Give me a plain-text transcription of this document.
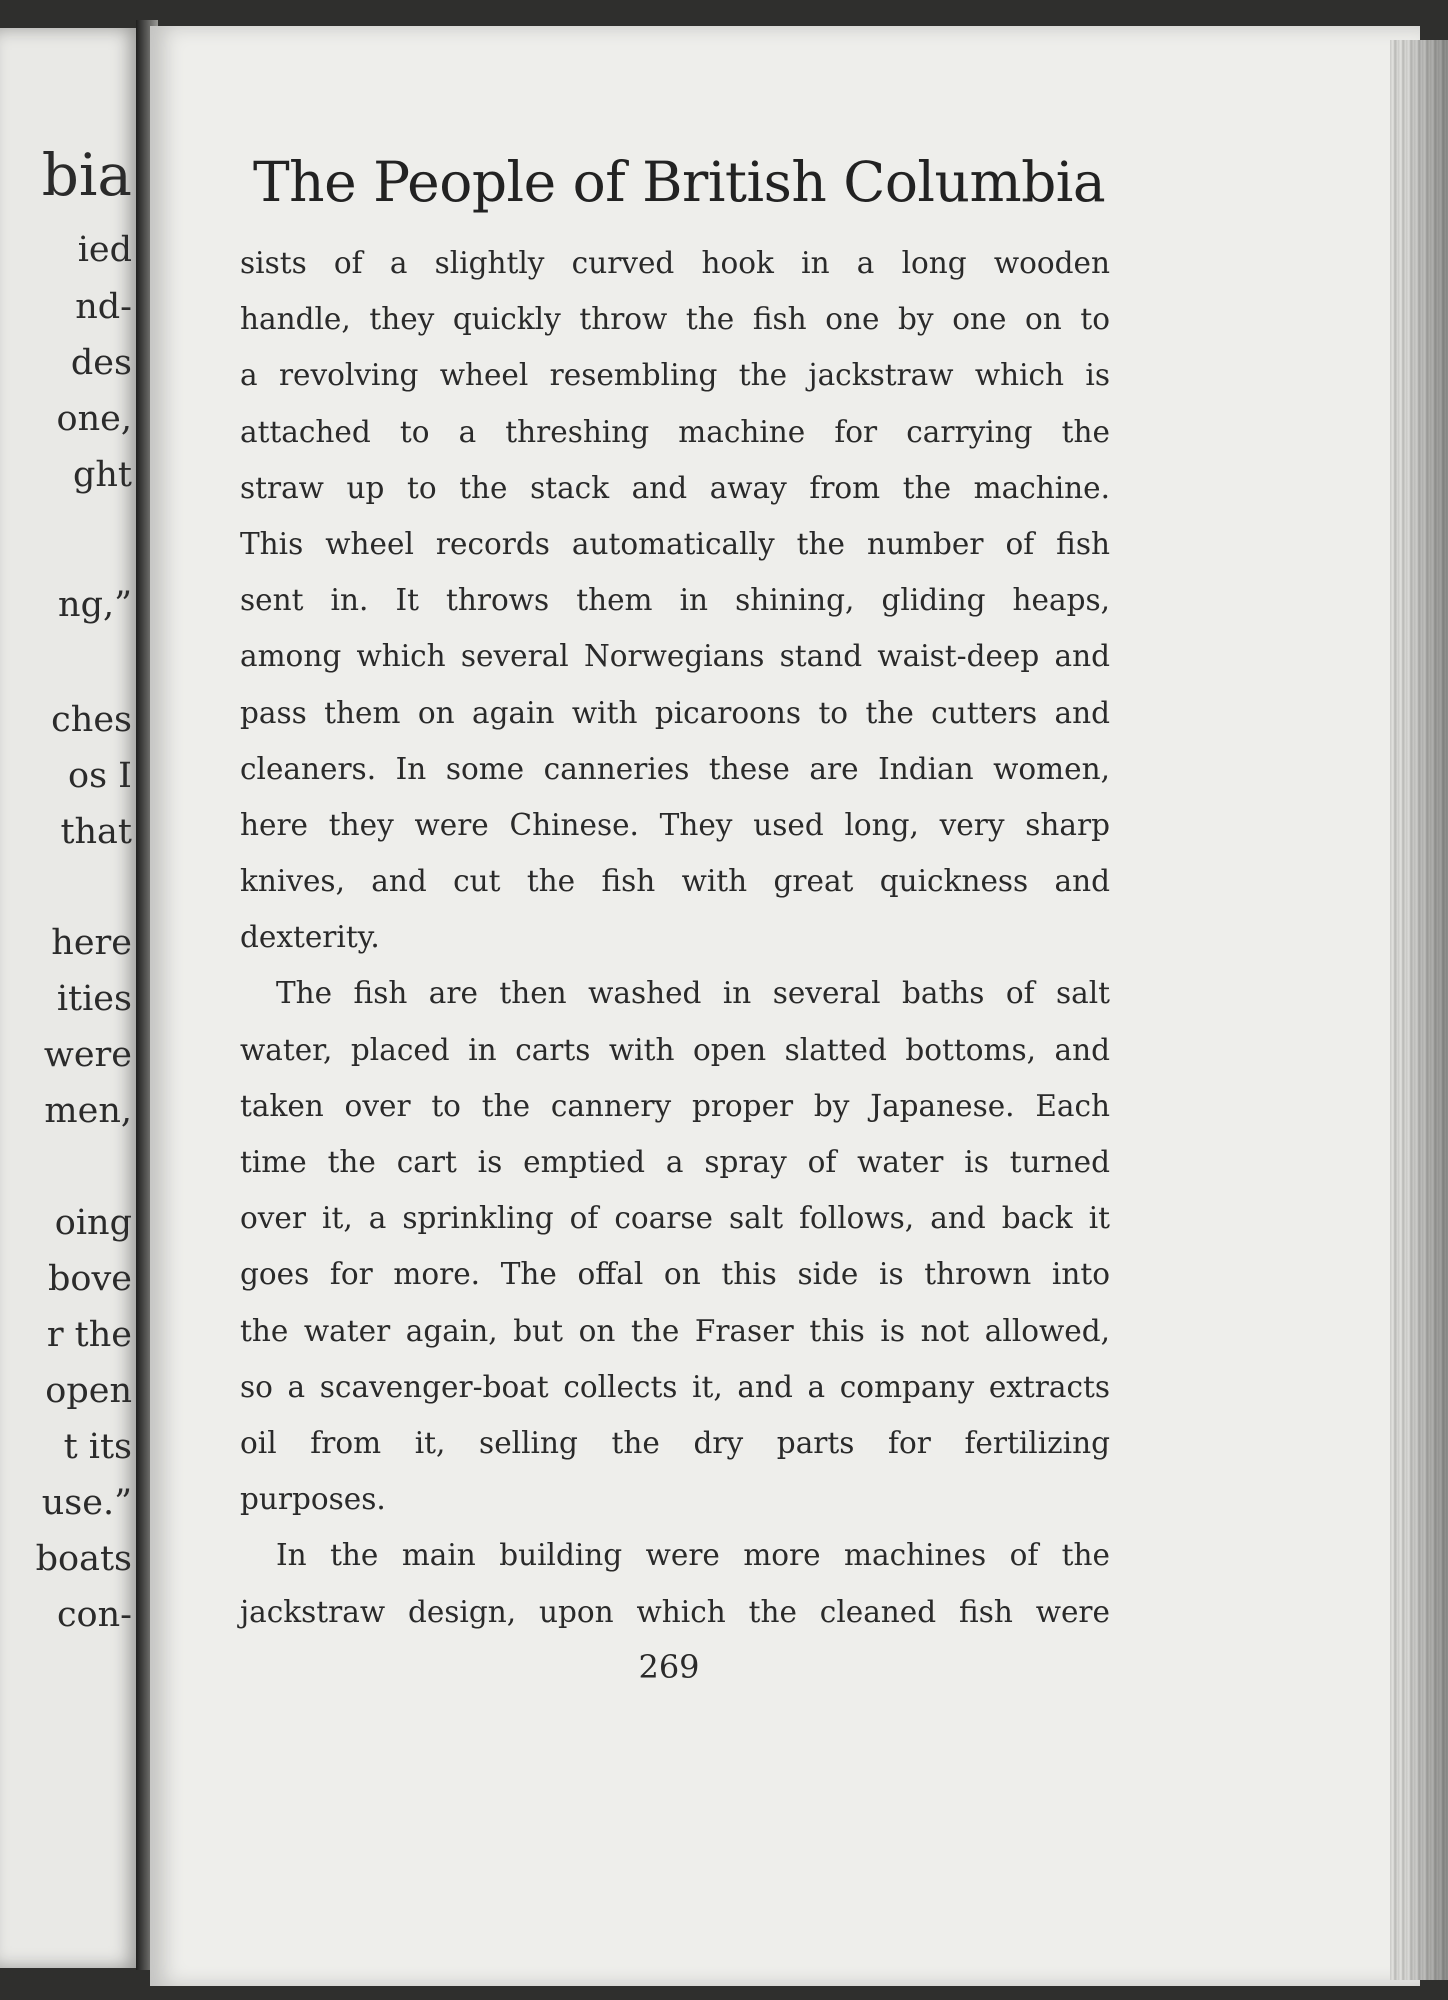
bia
ied
nd-
des
one,
ght
ng,”
ches
os I
that
here
ities
were
men,
oing
bove
r the
open
t its
use.”
boats
con-
The People of British Columbia
sists of a slightly curved hook in a long wooden
handle, they quickly throw the fish one by one on to
a revolving wheel resembling the jackstraw which is
attached to a threshing machine for carrying the
straw up to the stack and away from the machine.
This wheel records automatically the number of fish
sent in. It throws them in shining, gliding heaps,
among which several Norwegians stand waist-deep and
pass them on again with picaroons to the cutters and
cleaners. In some canneries these are Indian women,
here they were Chinese. They used long, very sharp
knives, and cut the fish with great quickness and
dexterity.
The fish are then washed in several baths of salt
water, placed in carts with open slatted bottoms, and
taken over to the cannery proper by Japanese. Each
time the cart is emptied a spray of water is turned
over it, a sprinkling of coarse salt follows, and back it
goes for more. The offal on this side is thrown into
the water again, but on the Fraser this is not allowed,
so a scavenger-boat collects it, and a company extracts
oil from it, selling the dry parts for fertilizing
purposes.
In the main building were more machines of the
jackstraw design, upon which the cleaned fish were
269
